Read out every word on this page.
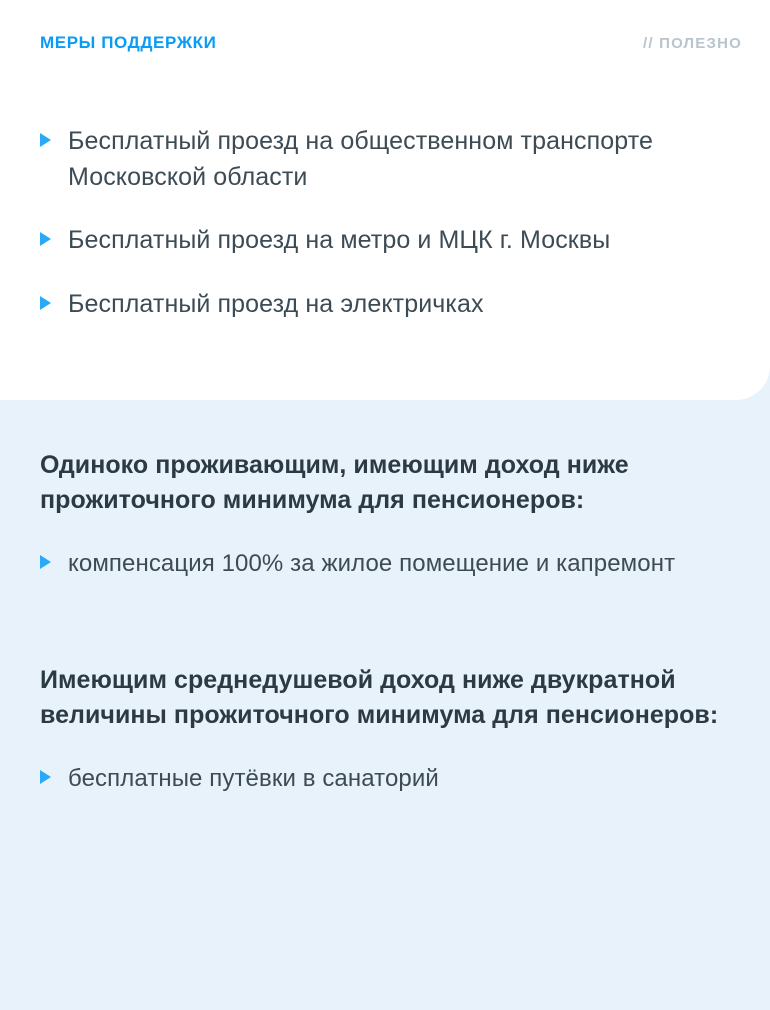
МЕРЫ ПОДДЕРЖКИ	// ПОЛЕЗНО
Бесплатный проезд на общественном транспорте Московской области
Бесплатный проезд на метро и МЦК г. Москвы
Бесплатный проезд на электричках
Одиноко проживающим, имеющим доход ниже прожиточного минимума для пенсионеров:
компенсация 100% за жилое помещение и капремонт
Имеющим среднедушевой доход ниже двукратной величины прожиточного минимума для пенсионеров:
бесплатные путёвки в санаторий
